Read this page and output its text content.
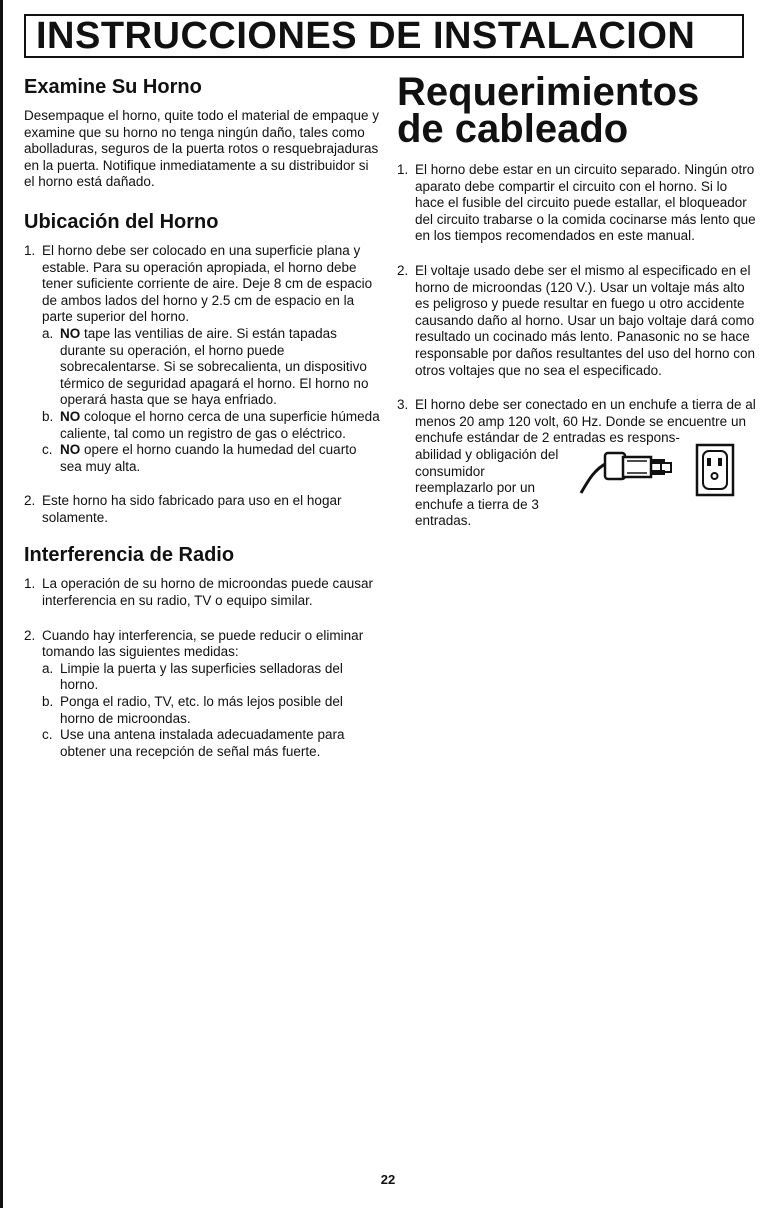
INSTRUCCIONES DE INSTALACION
Examine Su Horno

Desempaque el horno, quite todo el material de empaque y examine que su horno no tenga ningún daño, tales como abolladuras, seguros de la puerta rotos o resquebrajaduras en la puerta. Notifique inmediatamente a su distribuidor si el horno está dañado.

Ubicación del Horno
1. El horno debe ser colocado en una superficie plana y estable. Para su operación apropiada, el horno debe tener suficiente corriente de aire. Deje 8 cm de espacio de ambos lados del horno y 2.5 cm de espacio en la parte superior del horno.
a. NO tape las ventilias de aire. Si están tapadas durante su operación, el horno puede sobrecalentarse. Si se sobrecalienta, un dispositivo térmico de seguridad apagará el horno. El horno no operará hasta que se haya enfriado.
b. NO coloque el horno cerca de una superficie húmeda caliente, tal como un registro de gas o eléctrico.
c. NO opere el horno cuando la humedad del cuarto sea muy alta.
2. Este horno ha sido fabricado para uso en el hogar solamente.
Interferencia de Radio
1. La operación de su horno de microondas puede causar interferencia en su radio, TV o equipo similar.
2. Cuando hay interferencia, se puede reducir o eliminar tomando las siguientes medidas:
a. Limpie la puerta y las superficies selladoras del horno.
b. Ponga el radio, TV, etc. lo más lejos posible del horno de microondas.
c. Use una antena instalada adecuadamente para obtener una recepción de señal más fuerte.
Requerimientos
de cableado
1. El horno debe estar en un circuito separado. Ningún otro aparato debe compartir el circuito con el horno. Si lo hace el fusible del circuito puede estallar, el bloqueador del circuito trabarse o la comida cocinarse más lento que en los tiempos recomendados en este manual.
2. El voltaje usado debe ser el mismo al especificado en el horno de microondas (120 V.). Usar un voltaje más alto es peligroso y puede resultar en fuego u otro accidente causando daño al horno. Usar un bajo voltaje dará como resultado un cocinado más lento. Panasonic no se hace responsable por daños resultantes del uso del horno con otros voltajes que no sea el especificado.
3. El horno debe ser conectado en un enchufe a tierra de al menos 20 amp 120 volt, 60 Hz. Donde se encuentre un enchufe estándar de 2 entradas es respons-
abilidad y obligación del consumidor reemplazarlo por un enchufe a tierra de 3 entradas.
22
